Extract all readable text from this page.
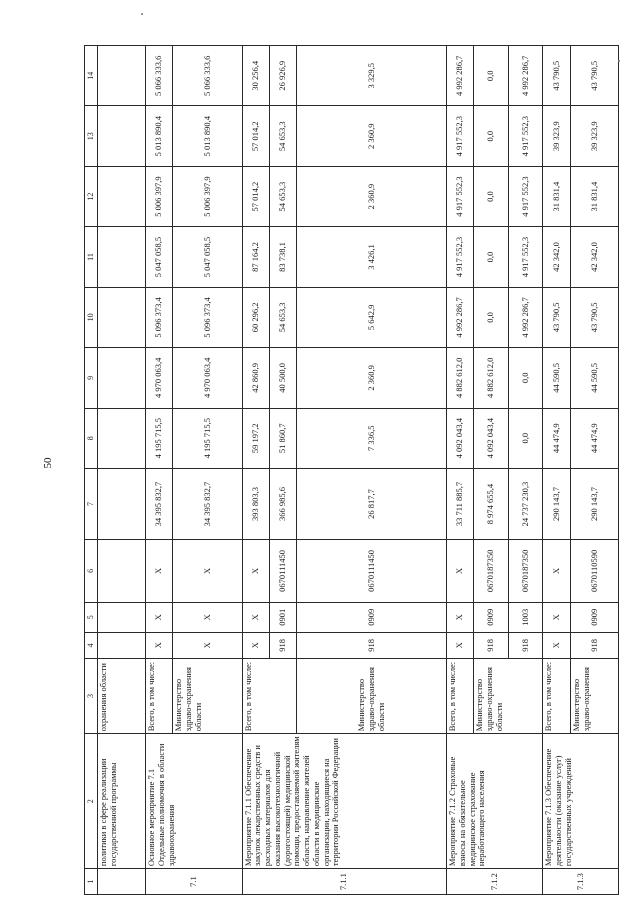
50
1	2	3	4	5	6	7	8	9	10	11	12	13	14
	политики в сфере реализации государственной программы	охранения области											
7.1	Основное мероприятие 7.1 Отдельные полномочия в области здравоохранения	Всего, в том числе:	Х	Х	Х	34 395 832,7	4 195 715,5	4 970 063,4	5 096 373,4	5 047 058,5	5 006 397,9	5 013 890,4	5 066 333,6
		Министерство здраво-охранения области	Х	Х	Х	34 395 832,7	4 195 715,5	4 970 063,4	5 096 373,4	5 047 058,5	5 006 397,9	5 013 890,4	5 066 333,6
7.1.1	Мероприятие 7.1.1 Обеспечение закупок лекарственных средств и расходных материалов для оказания высокотехнологичной (дорогостоящей) медицинской помощи, предоставляемой жителям области, направление жителей области в медицинские организации, находящиеся на территории Российской Федерации	Всего, в том числе:	Х	Х	Х	393 803,3	59 197,2	42 860,9	60 296,2	87 164,2	57 014,2	57 014,2	30 256,4
			918	0901	0670111450	366 985,6	51 860,7	40 500,0	54 653,3	83 738,1	54 653,3	54 653,3	26 926,9
		Министерство здраво-охранения области	918	0909	0670111450	26 817,7	7 336,5	2 360,9	5 642,9	3 426,1	2 360,9	2 360,9	3 329,5
7.1.2	Мероприятие 7.1.2 Страховые взносы на обязательное медицинское страхование неработающего населения	Всего, в том числе:	Х	Х	Х	33 711 885,7	4 092 043,4	4 882 612,0	4 992 286,7	4 917 552,3	4 917 552,3	4 917 552,3	4 992 286,7
		Министерство здраво-охранения области	918	0909	0670187350	8 974 655,4	4 092 043,4	4 882 612,0	0,0	0,0	0,0	0,0	0,0
			918	1003	0670187350	24 737 230,3	0,0	0,0	4 992 286,7	4 917 552,3	4 917 552,3	4 917 552,3	4 992 286,7
7.1.3	Мероприятие 7.1.3 Обеспечение деятельности (оказание услуг) государственных учреждений	Всего, в том числе:	Х	Х	Х	290 143,7	44 474,9	44 590,5	43 790,5	42 342,0	31 831,4	39 323,9	43 790,5
		Министерство здраво-охранения	918	0909	0670110590	290 143,7	44 474,9	44 590,5	43 790,5	42 342,0	31 831,4	39 323,9	43 790,5
